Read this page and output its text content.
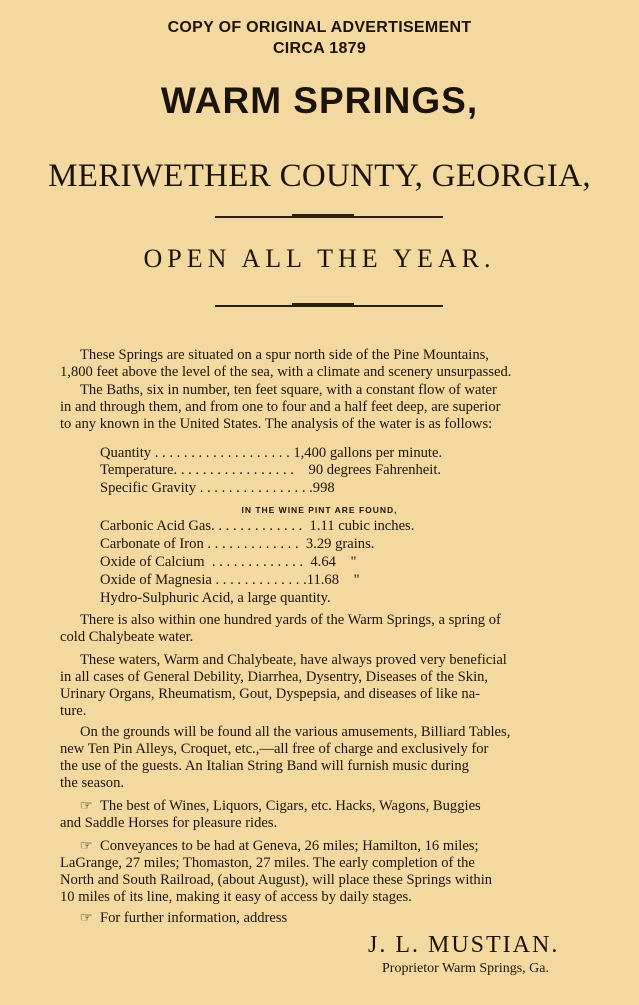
COPY OF ORIGINAL ADVERTISEMENT
CIRCA 1879
WARM SPRINGS,
MERIWETHER COUNTY, GEORGIA,
OPEN ALL THE YEAR.
These Springs are situated on a spur north side of the Pine Mountains,
1,800 feet above the level of the sea, with a climate and scenery unsurpassed.
The Baths, six in number, ten feet square, with a constant flow of water
in and through them, and from one to four and a half feet deep, are superior
to any known in the United States. The analysis of the water is as follows:
Quantity . . . . . . . . . . . . . . . . . . . 1,400 gallons per minute.
Temperature. . . . . . . . . . . . . . . . .    90 degrees Fahrenheit.
Specific Gravity . . . . . . . . . . . . . . . .998
IN THE WINE PINT ARE FOUND,
Carbonic Acid Gas. . . . . . . . . . . . .  1.11 cubic inches.
Carbonate of Iron . . . . . . . . . . . . .  3.29 grains.
Oxide of Calcium  . . . . . . . . . . . . .  4.64    "
Oxide of Magnesia . . . . . . . . . . . . .11.68    "
Hydro-Sulphuric Acid, a large quantity.
There is also within one hundred yards of the Warm Springs, a spring of
cold Chalybeate water.
These waters, Warm and Chalybeate, have always proved very beneficial
in all cases of General Debility, Diarrhea, Dysentry, Diseases of the Skin,
Urinary Organs, Rheumatism, Gout, Dyspepsia, and diseases of like na-
ture.
On the grounds will be found all the various amusements, Billiard Tables,
new Ten Pin Alleys, Croquet, etc.,—all free of charge and exclusively for
the use of the guests. An Italian String Band will furnish music during
the season.
☞ The best of Wines, Liquors, Cigars, etc. Hacks, Wagons, Buggies
and Saddle Horses for pleasure rides.
☞ Conveyances to be had at Geneva, 26 miles; Hamilton, 16 miles;
LaGrange, 27 miles; Thomaston, 27 miles. The early completion of the
North and South Railroad, (about August), will place these Springs within
10 miles of its line, making it easy of access by daily stages.
☞ For further information, address
J. L. MUSTIAN.
Proprietor Warm Springs, Ga.
